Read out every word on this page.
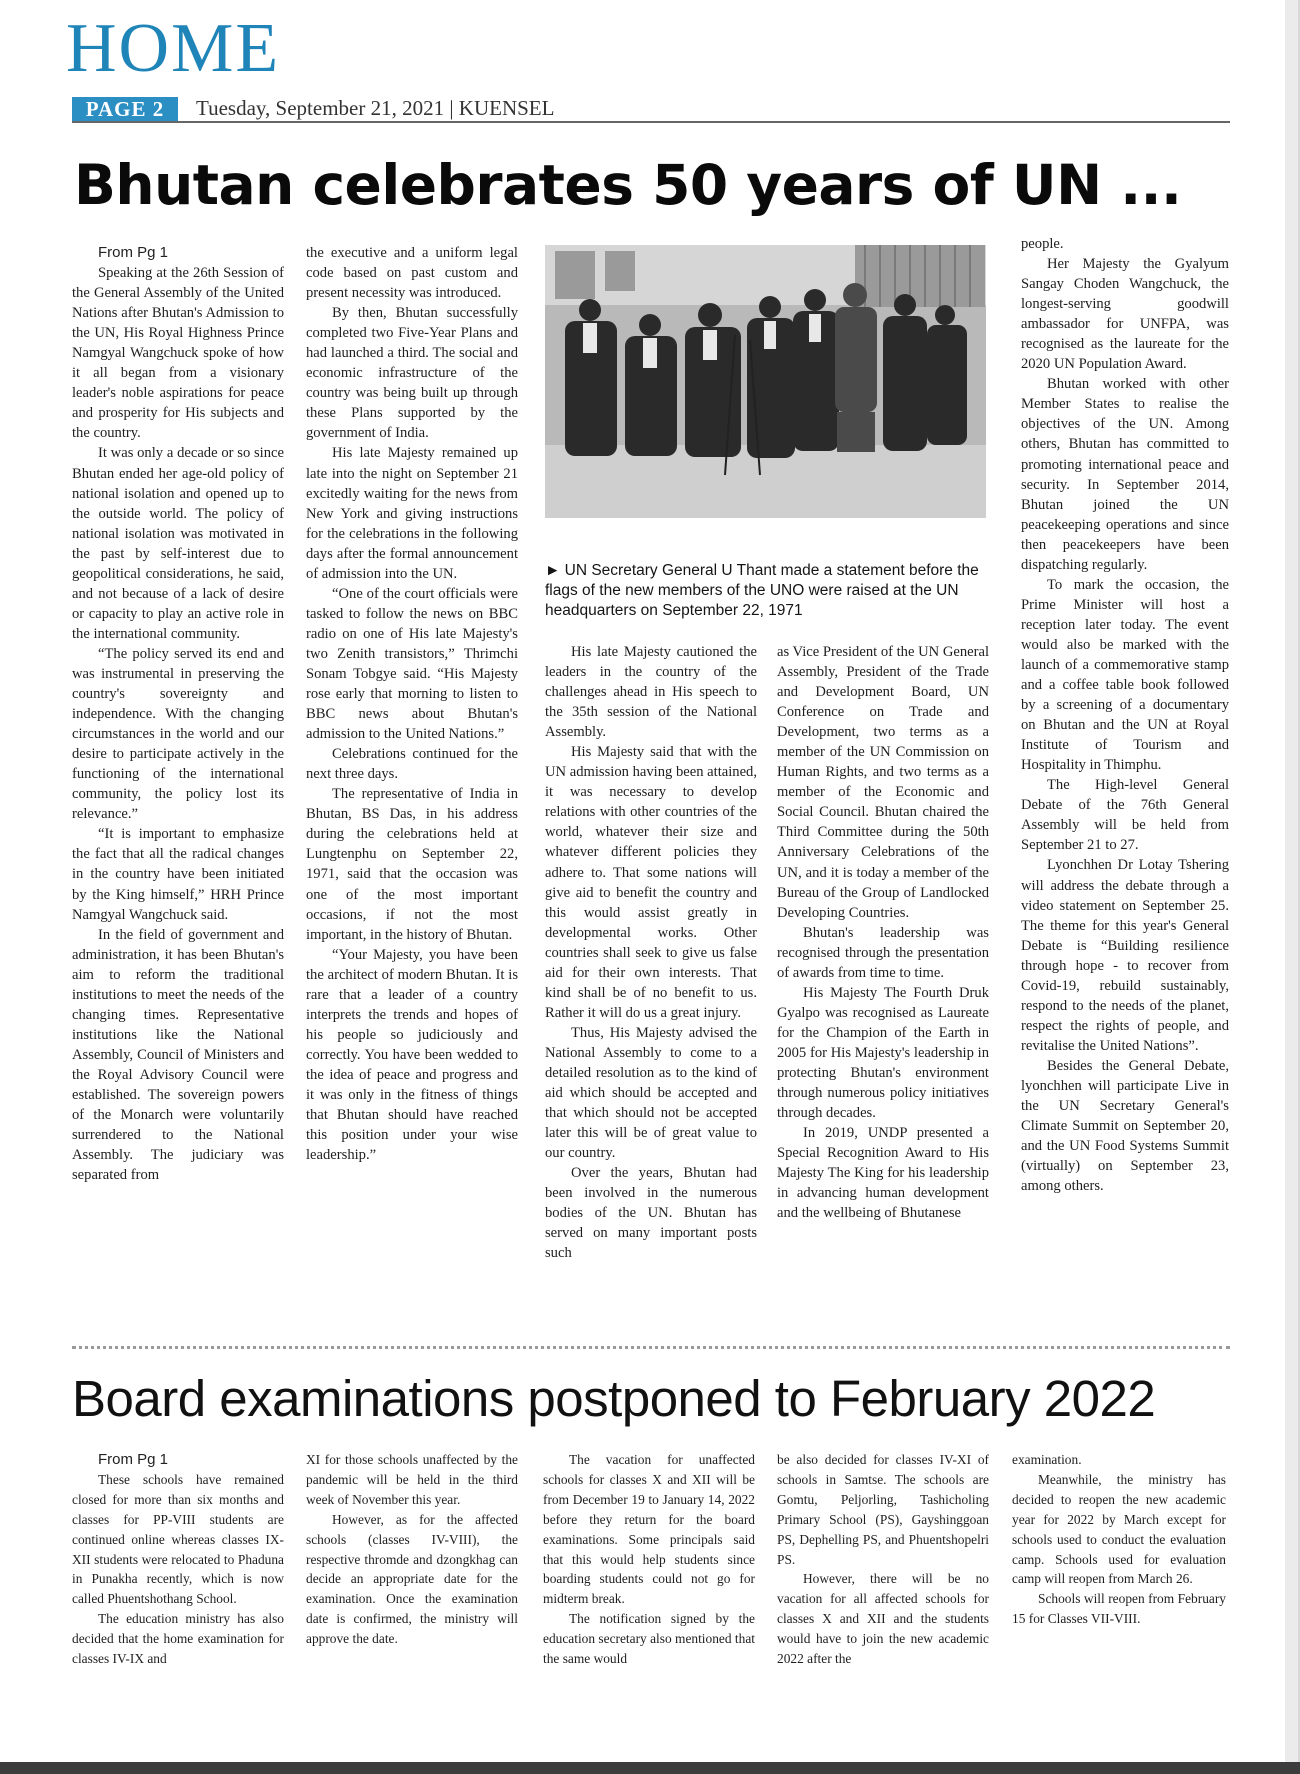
HOME
PAGE 2	Tuesday, September 21, 2021 | KUENSEL
Bhutan celebrates 50 years of UN ...

From Pg 1

Speaking at the 26th Session of the General Assembly of the United Nations after Bhutan's Admission to the UN, His Royal Highness Prince Namgyal Wangchuck spoke of how it all began from a visionary leader's noble aspirations for peace and prosperity for His subjects and the country.

It was only a decade or so since Bhutan ended her age-old policy of national isolation and opened up to the outside world. The policy of national isolation was motivated in the past by self-interest due to geopolitical considerations, he said, and not because of a lack of desire or capacity to play an active role in the international community.

“The policy served its end and was instrumental in preserving the country's sovereignty and independence. With the changing circumstances in the world and our desire to participate actively in the functioning of the international community, the policy lost its relevance.”

“It is important to emphasize the fact that all the radical changes in the country have been initiated by the King himself,” HRH Prince Namgyal Wangchuck said.

In the field of government and administration, it has been Bhutan's aim to reform the traditional institutions to meet the needs of the changing times. Representative institutions like the National Assembly, Council of Ministers and the Royal Advisory Council were established. The sovereign powers of the Monarch were voluntarily surrendered to the National Assembly. The judiciary was separated from

the executive and a uniform legal code based on past custom and present necessity was introduced.

By then, Bhutan successfully completed two Five-Year Plans and had launched a third. The social and economic infrastructure of the country was being built up through these Plans supported by the government of India.

His late Majesty remained up late into the night on September 21 excitedly waiting for the news from New York and giving instructions for the celebrations in the following days after the formal announcement of admission into the UN.

“One of the court officials were tasked to follow the news on BBC radio on one of His late Majesty's two Zenith transistors,” Thrimchi Sonam Tobgye said. “His Majesty rose early that morning to listen to BBC news about Bhutan's admission to the United Nations.”

Celebrations continued for the next three days.

The representative of India in Bhutan, BS Das, in his address during the celebrations held at Lungtenphu on September 22, 1971, said that the occasion was one of the most important occasions, if not the most important, in the history of Bhutan.

“Your Majesty, you have been the architect of modern Bhutan. It is rare that a leader of a country interprets the trends and hopes of his people so judiciously and correctly. You have been wedded to the idea of peace and progress and it was only in the fitness of things that Bhutan should have reached this position under your wise leadership.”

► UN Secretary General U Thant made a statement before the flags of the new members of the UNO were raised at the UN headquarters on September 22, 1971

His late Majesty cautioned the leaders in the country of the challenges ahead in His speech to the 35th session of the National Assembly.

His Majesty said that with the UN admission having been attained, it was necessary to develop relations with other countries of the world, whatever their size and whatever different policies they adhere to. That some nations will give aid to benefit the country and this would assist greatly in developmental works. Other countries shall seek to give us false aid for their own interests. That kind shall be of no benefit to us. Rather it will do us a great injury.

Thus, His Majesty advised the National Assembly to come to a detailed resolution as to the kind of aid which should be accepted and that which should not be accepted later this will be of great value to our country.

Over the years, Bhutan had been involved in the numerous bodies of the UN. Bhutan has served on many important posts such

as Vice President of the UN General Assembly, President of the Trade and Development Board, UN Conference on Trade and Development, two terms as a member of the UN Commission on Human Rights, and two terms as a member of the Economic and Social Council. Bhutan chaired the Third Committee during the 50th Anniversary Celebrations of the UN, and it is today a member of the Bureau of the Group of Landlocked Developing Countries.

Bhutan's leadership was recognised through the presentation of awards from time to time.

His Majesty The Fourth Druk Gyalpo was recognised as Laureate for the Champion of the Earth in 2005 for His Majesty's leadership in protecting Bhutan's environment through numerous policy initiatives through decades.

In 2019, UNDP presented a Special Recognition Award to His Majesty The King for his leadership in advancing human development and the wellbeing of Bhutanese

people.

Her Majesty the Gyalyum Sangay Choden Wangchuck, the longest-serving goodwill ambassador for UNFPA, was recognised as the laureate for the 2020 UN Population Award.

Bhutan worked with other Member States to realise the objectives of the UN. Among others, Bhutan has committed to promoting international peace and security. In September 2014, Bhutan joined the UN peacekeeping operations and since then peacekeepers have been dispatching regularly.

To mark the occasion, the Prime Minister will host a reception later today. The event would also be marked with the launch of a commemorative stamp and a coffee table book followed by a screening of a documentary on Bhutan and the UN at Royal Institute of Tourism and Hospitality in Thimphu.

The High-level General Debate of the 76th General Assembly will be held from September 21 to 27.

Lyonchhen Dr Lotay Tshering will address the debate through a video statement on September 25. The theme for this year's General Debate is “Building resilience through hope - to recover from Covid-19, rebuild sustainably, respond to the needs of the planet, respect the rights of people, and revitalise the United Nations”.

Besides the General Debate, lyonchhen will participate Live in the UN Secretary General's Climate Summit on September 20, and the UN Food Systems Summit (virtually) on September 23, among others.

Board examinations postponed to February 2022

From Pg 1

These schools have remained closed for more than six months and classes for PP-VIII students are continued online whereas classes IX-XII students were relocated to Phaduna in Punakha recently, which is now called Phuentshothang School.

The education ministry has also decided that the home examination for classes IV-IX and

XI for those schools unaffected by the pandemic will be held in the third week of November this year.

However, as for the affected schools (classes IV-VIII), the respective thromde and dzongkhag can decide an appropriate date for the examination. Once the examination date is confirmed, the ministry will approve the date.

The vacation for unaffected schools for classes X and XII will be from December 19 to January 14, 2022 before they return for the board examinations. Some principals said that this would help students since boarding students could not go for midterm break.

The notification signed by the education secretary also mentioned that the same would

be also decided for classes IV-XI of schools in Samtse. The schools are Gomtu, Peljorling, Tashicholing Primary School (PS), Gayshinggoan PS, Dephelling PS, and Phuentshopelri PS.

However, there will be no vacation for all affected schools for classes X and XII and the students would have to join the new academic 2022 after the

examination.

Meanwhile, the ministry has decided to reopen the new academic year for 2022 by March except for schools used to conduct the evaluation camp. Schools used for evaluation camp will reopen from March 26.

Schools will reopen from February 15 for Classes VII-VIII.
